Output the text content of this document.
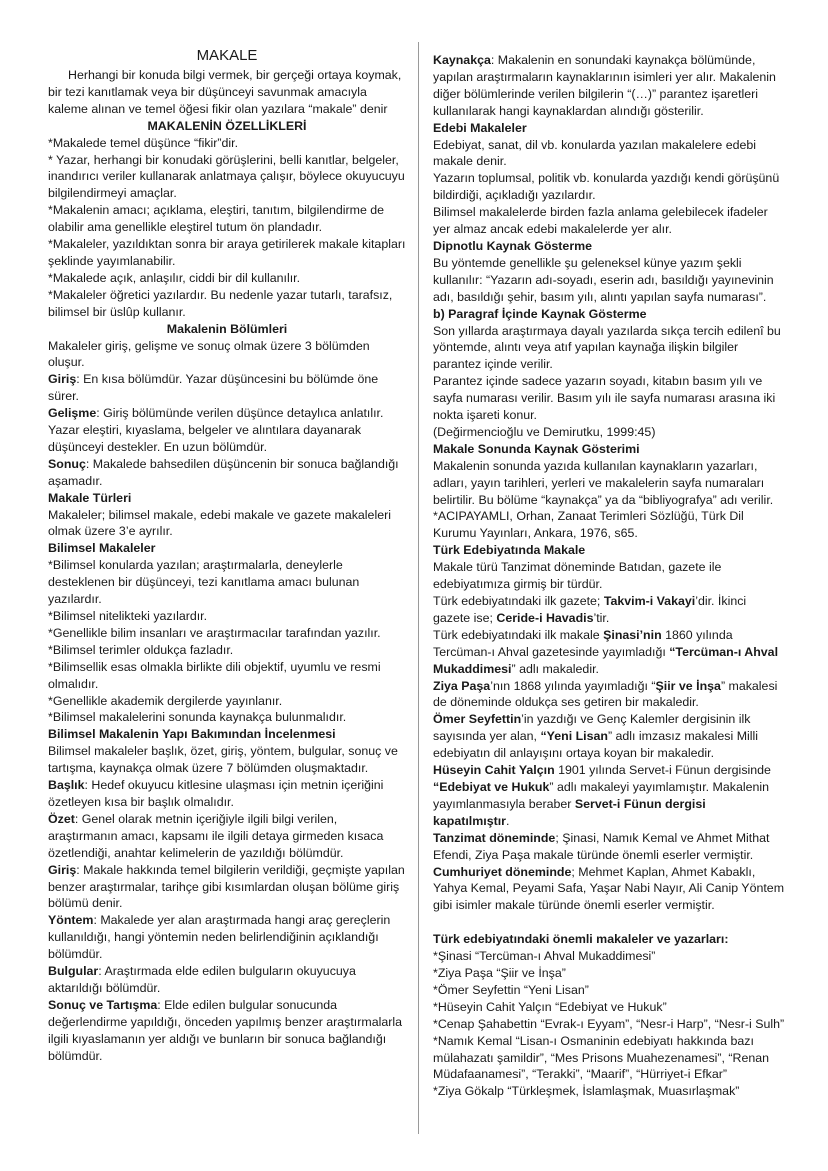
MAKALE

Herhangi bir konuda bilgi vermek, bir gerçeği ortaya koymak, bir tezi kanıtlamak veya bir düşünceyi savunmak amacıyla kaleme alınan ve temel öğesi fikir olan yazılara “makale” denir

MAKALENİN ÖZELLİKLERİ

*Makalede temel düşünce “fikir”dir.

* Yazar, herhangi bir konudaki görüşlerini, belli kanıtlar, belgeler, inandırıcı veriler kullanarak anlatmaya çalışır, böylece okuyucuyu bilgilendirmeyi amaçlar.

*Makalenin amacı; açıklama, eleştiri, tanıtım, bilgilendirme de olabilir ama genellikle eleştirel tutum ön plandadır.

*Makaleler, yazıldıktan sonra bir araya getirilerek makale kitapları şeklinde yayımlanabilir.

*Makalede açık, anlaşılır, ciddi bir dil kullanılır.

*Makaleler öğretici yazılardır. Bu nedenle yazar tutarlı, tarafsız, bilimsel bir üslûp kullanır.

Makalenin Bölümleri

Makaleler giriş, gelişme ve sonuç olmak üzere 3 bölümden oluşur.

Giriş: En kısa bölümdür. Yazar düşüncesini bu bölümde öne sürer.

Gelişme: Giriş bölümünde verilen düşünce detaylıca anlatılır. Yazar eleştiri, kıyaslama, belgeler ve alıntılara dayanarak düşünceyi destekler. En uzun bölümdür.

Sonuç: Makalede bahsedilen düşüncenin bir sonuca bağlandığı aşamadır.

Makale Türleri

Makaleler; bilimsel makale, edebi makale ve gazete makaleleri olmak üzere 3’e ayrılır.

Bilimsel Makaleler

*Bilimsel konularda yazılan; araştırmalarla, deneylerle desteklenen bir düşünceyi, tezi kanıtlama amacı bulunan yazılardır.

*Bilimsel nitelikteki yazılardır.

*Genellikle bilim insanları ve araştırmacılar tarafından yazılır.

*Bilimsel terimler oldukça fazladır.

*Bilimsellik esas olmakla birlikte dili objektif, uyumlu ve resmi olmalıdır.

*Genellikle akademik dergilerde yayınlanır.

*Bilimsel makalelerini sonunda kaynakça bulunmalıdır.

Bilimsel Makalenin Yapı Bakımından İncelenmesi

Bilimsel makaleler başlık, özet, giriş, yöntem, bulgular, sonuç ve tartışma, kaynakça olmak üzere 7 bölümden oluşmaktadır.

Başlık: Hedef okuyucu kitlesine ulaşması için metnin içeriğini özetleyen kısa bir başlık olmalıdır.

Özet: Genel olarak metnin içeriğiyle ilgili bilgi verilen, araştırmanın amacı, kapsamı ile ilgili detaya girmeden kısaca özetlendiği, anahtar kelimelerin de yazıldığı bölümdür.

Giriş: Makale hakkında temel bilgilerin verildiği, geçmişte yapılan benzer araştırmalar, tarihçe gibi kısımlardan oluşan bölüme giriş bölümü denir.

Yöntem: Makalede yer alan araştırmada hangi araç gereçlerin kullanıldığı, hangi yöntemin neden belirlendiğinin açıklandığı bölümdür.

Bulgular: Araştırmada elde edilen bulguların okuyucuya aktarıldığı bölümdür.

Sonuç ve Tartışma: Elde edilen bulgular sonucunda değerlendirme yapıldığı, önceden yapılmış benzer araştırmalarla ilgili kıyaslamanın yer aldığı ve bunların bir sonuca bağlandığı bölümdür.

Kaynakça: Makalenin en sonundaki kaynakça bölümünde, yapılan araştırmaların kaynaklarının isimleri yer alır. Makalenin diğer bölümlerinde verilen bilgilerin “(…)” parantez işaretleri kullanılarak hangi kaynaklardan alındığı gösterilir.

Edebi Makaleler

Edebiyat, sanat, dil vb. konularda yazılan makalelere edebi makale denir.

Yazarın toplumsal, politik vb. konularda yazdığı kendi görüşünü bildirdiği, açıkladığı yazılardır.

Bilimsel makalelerde birden fazla anlama gelebilecek ifadeler yer almaz ancak edebi makalelerde yer alır.

Dipnotlu Kaynak Gösterme

Bu yöntemde genellikle şu geleneksel künye yazım şekli kullanılır: “Yazarın adı-soyadı, eserin adı, basıldığı yayınevinin adı, basıldığı şehir, basım yılı, alıntı yapılan sayfa numarası”.

b) Paragraf İçinde Kaynak Gösterme

Son yıllarda araştırmaya dayalı yazılarda sıkça tercih edilenî bu yöntemde, alıntı veya atıf yapılan kaynağa ilişkin bilgiler parantez içinde verilir.

Parantez içinde sadece yazarın soyadı, kitabın basım yılı ve sayfa numarası verilir. Basım yılı ile sayfa numarası arasına iki nokta işareti konur.

(Değirmencioğlu ve Demirutku, 1999:45)

Makale Sonunda Kaynak Gösterimi

Makalenin sonunda yazıda kullanılan kaynakların yazarları, adları, yayın tarihleri, yerleri ve makalelerin sayfa numaraları belirtilir. Bu bölüme “kaynakça” ya da “bibliyografya” adı verilir.

*ACIPAYAMLI, Orhan, Zanaat Terimleri Sözlüğü, Türk Dil Kurumu Yayınları, Ankara, 1976, s65.

Türk Edebiyatında Makale

Makale türü Tanzimat döneminde Batıdan, gazete ile edebiyatımıza girmiş bir türdür.

Türk edebiyatındaki ilk gazete; Takvim-i Vakayi’dir. İkinci gazete ise; Ceride-i Havadis’tir.

Türk edebiyatındaki ilk makale Şinasi’nin 1860 yılında Tercüman-ı Ahval gazetesinde yayımladığı “Tercüman-ı Ahval Mukaddimesi” adlı makaledir.

Ziya Paşa’nın 1868 yılında yayımladığı “Şiir ve İnşa” makalesi de döneminde oldukça ses getiren bir makaledir.

Ömer Seyfettin’in yazdığı ve Genç Kalemler dergisinin ilk sayısında yer alan, “Yeni Lisan” adlı imzasız makalesi Milli edebiyatın dil anlayışını ortaya koyan bir makaledir.

Hüseyin Cahit Yalçın 1901 yılında Servet-i Fünun dergisinde “Edebiyat ve Hukuk” adlı makaleyi yayımlamıştır. Makalenin yayımlanmasıyla beraber Servet-i Fünun dergisi kapatılmıştır.

Tanzimat döneminde; Şinasi, Namık Kemal ve Ahmet Mithat Efendi, Ziya Paşa makale türünde önemli eserler vermiştir.

Cumhuriyet döneminde; Mehmet Kaplan, Ahmet Kabaklı, Yahya Kemal, Peyami Safa, Yaşar Nabi Nayır, Ali Canip Yöntem gibi isimler makale türünde önemli eserler vermiştir.

Türk edebiyatındaki önemli makaleler ve yazarları:

*Şinasi “Tercüman-ı Ahval Mukaddimesi”

*Ziya Paşa “Şiir ve İnşa”

*Ömer Seyfettin “Yeni Lisan”

*Hüseyin Cahit Yalçın “Edebiyat ve Hukuk”

*Cenap Şahabettin “Evrak-ı Eyyam”, “Nesr-i Harp”, “Nesr-i Sulh”

*Namık Kemal “Lisan-ı Osmaninin edebiyatı hakkında bazı mülahazatı şamildir”, “Mes Prisons Muahezenamesi”, “Renan Müdafaanamesi”, “Terakki”, “Maarif”, “Hürriyet-i Efkar”

*Ziya Gökalp “Türkleşmek, İslamlaşmak, Muasırlaşmak”
